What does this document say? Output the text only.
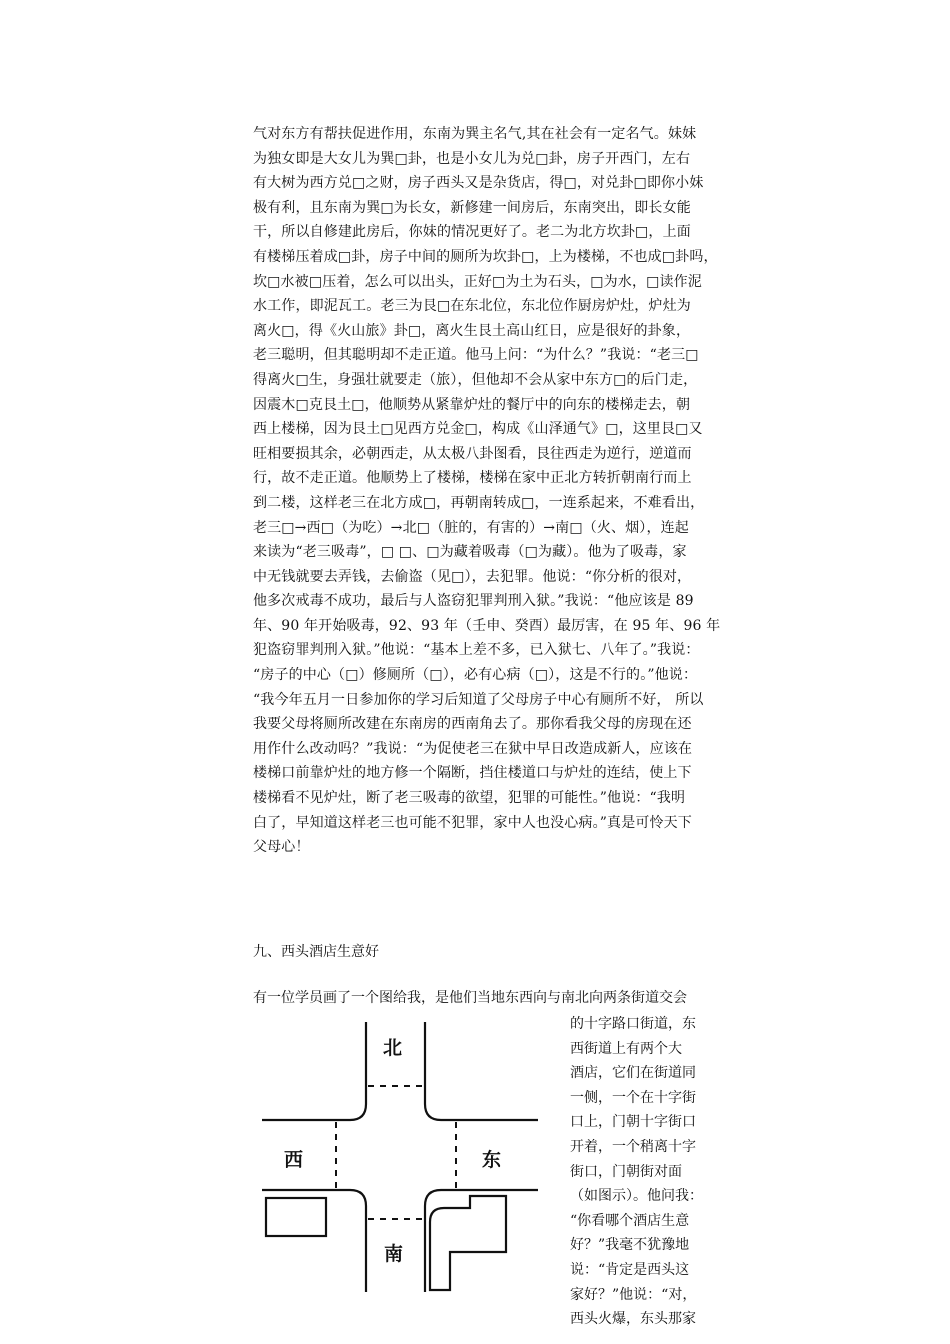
气对东方有帮扶促进作用，东南为巽主名气,其在社会有一定名气。妹妹
为独女即是大女儿为巽□卦，也是小女儿为兑□卦，房子开西门，左右
有大树为西方兑□之财，房子西头又是杂货店，得□，对兑卦□即你小妹
极有利，且东南为巽□为长女，新修建一间房后，东南突出，即长女能
干，所以自修建此房后，你妹的情况更好了。老二为北方坎卦□，上面
有楼梯压着成□卦，房子中间的厕所为坎卦□，上为楼梯，不也成□卦吗，
坎□水被□压着，怎么可以出头，正好□为土为石头，□为水，□读作泥
水工作，即泥瓦工。老三为艮□在东北位，东北位作厨房炉灶，炉灶为
离火□，得《火山旅》卦□，离火生艮土高山红日，应是很好的卦象，
老三聪明，但其聪明却不走正道。他马上问：“为什么？”我说：“老三□
得离火□生，身强壮就要走（旅），但他却不会从家中东方□的后门走，
因震木□克艮土□，他顺势从紧靠炉灶的餐厅中的向东的楼梯走去，朝
西上楼梯，因为艮土□见西方兑金□，构成《山泽通气》□，这里艮□又
旺相要损其余，必朝西走，从太极八卦图看，艮往西走为逆行，逆道而
行，故不走正道。他顺势上了楼梯，楼梯在家中正北方转折朝南行而上
到二楼，这样老三在北方成□，再朝南转成□，一连系起来，不难看出，
老三□→西□（为吃）→北□（脏的，有害的）→南□（火、烟），连起
来读为“老三吸毒”，□ □、□为藏着吸毒（□为藏）。他为了吸毒，家
中无钱就要去弄钱，去偷盗（见□），去犯罪。他说：“你分析的很对，
他多次戒毒不成功，最后与人盗窃犯罪判刑入狱。”我说：“他应该是 89
年、90 年开始吸毒，92、93 年（壬申、癸酉）最厉害，在 95 年、96 年
犯盗窃罪判刑入狱。”他说：“基本上差不多，已入狱七、八年了。”我说：
“房子的中心（□）修厕所（□），必有心病（□），这是不行的。”他说：
“我今年五月一日参加你的学习后知道了父母房子中心有厕所不好， 所以
我要父母将厕所改建在东南房的西南角去了。那你看我父母的房现在还
用作什么改动吗？”我说：“为促使老三在狱中早日改造成新人，应该在
楼梯口前靠炉灶的地方修一个隔断，挡住楼道口与炉灶的连结，使上下
楼梯看不见炉灶，断了老三吸毒的欲望，犯罪的可能性。”他说：“我明
白了，早知道这样老三也可能不犯罪，家中人也没心病。”真是可怜天下
父母心！

九、西头酒店生意好

有一位学员画了一个图给我，是他们当地东西向与南北向两条街道交会

的十字路口街道，东
西街道上有两个大
酒店，它们在街道同
一侧，一个在十字街
口上，门朝十字街口
开着，一个稍离十字
街口，门朝街对面
（如图示）。他问我：
“你看哪个酒店生意
好？”我毫不犹豫地
说：“肯定是西头这
家好？”他说：“对，
西头火爆，东头那家
北
西	东
南
